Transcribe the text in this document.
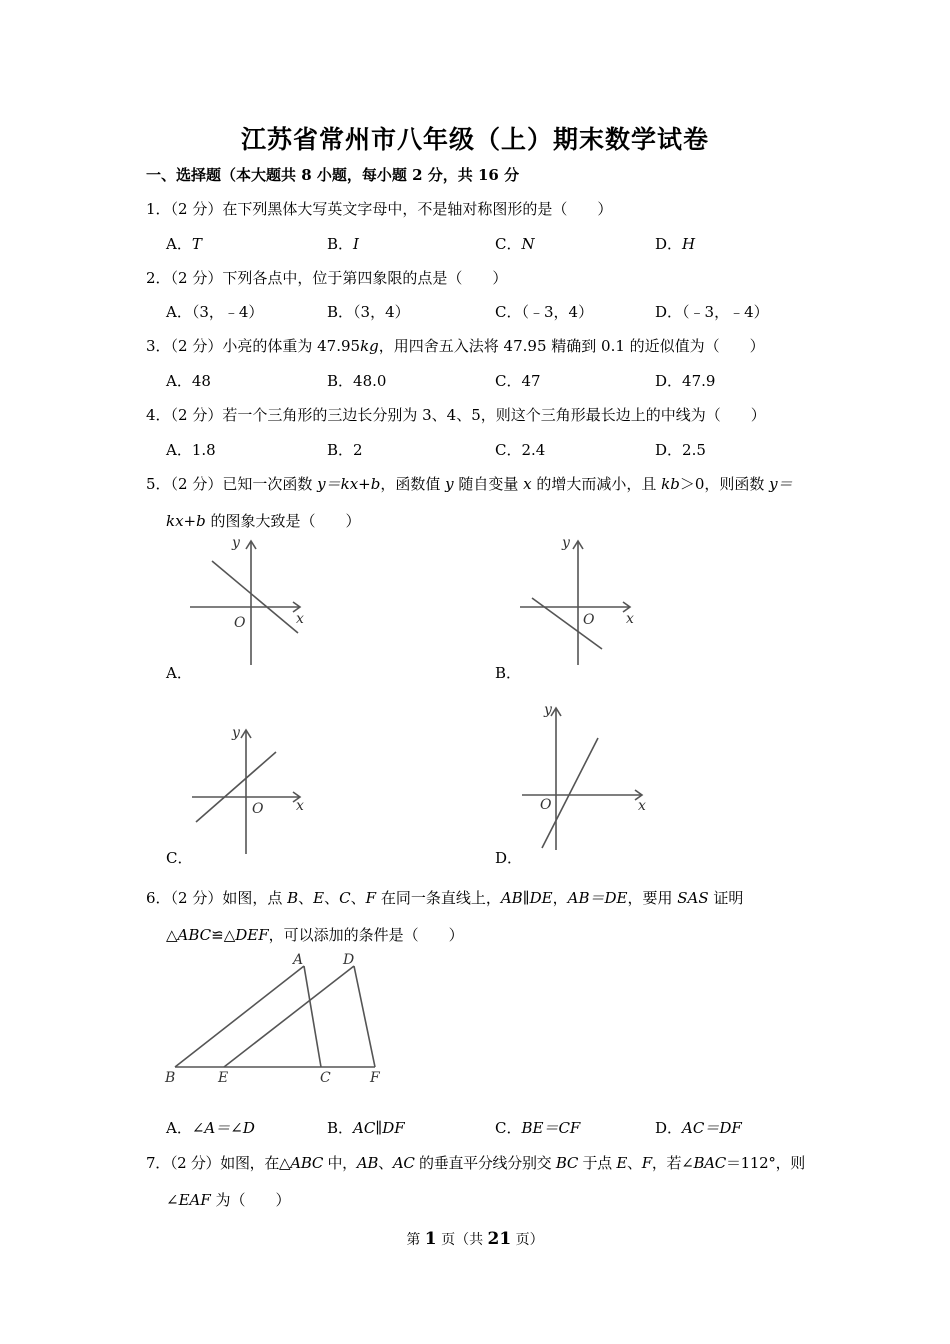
江苏省常州市八年级（上）期末数学试卷
一、选择题（本大题共 8 小题，每小题 2 分，共 16 分
1．（2 分）在下列黑体大写英文字母中，不是轴对称图形的是（　　）
A．T	B．I	C．N	D．H
2．（2 分）下列各点中，位于第四象限的点是（　　）
A．（3，﹣4）	B．（3，4）	C．（﹣3，4）	D．（﹣3，﹣4）
3．（2 分）小亮的体重为 47.95kg，用四舍五入法将 47.95 精确到 0.1 的近似值为（　　）
A．48	B．48.0	C．47	D．47.9
4．（2 分）若一个三角形的三边长分别为 3、4、5，则这个三角形最长边上的中线为（　　）
A．1.8	B．2	C．2.4	D．2.5
5．（2 分）已知一次函数 y＝kx+b，函数值 y 随自变量 x 的增大而减小，且 kb＞0，则函数 y＝
kx+b 的图象大致是（　　）
y
x
O
A．
y
x
O
B．
y
x
O
C．
y
x
O
D．
6．（2 分）如图，点 B、E、C、F 在同一条直线上，AB∥DE，AB＝DE，要用 SAS 证明
△ABC≌△DEF，可以添加的条件是（　　）
A	D
B	E	C	F
A．∠A＝∠D	B．AC∥DF	C．BE＝CF	D．AC＝DF
7．（2 分）如图，在△ABC 中，AB、AC 的垂直平分线分别交 BC 于点 E、F，若∠BAC＝112°，则
∠EAF 为（　　）
第 1 页（共 21 页）
